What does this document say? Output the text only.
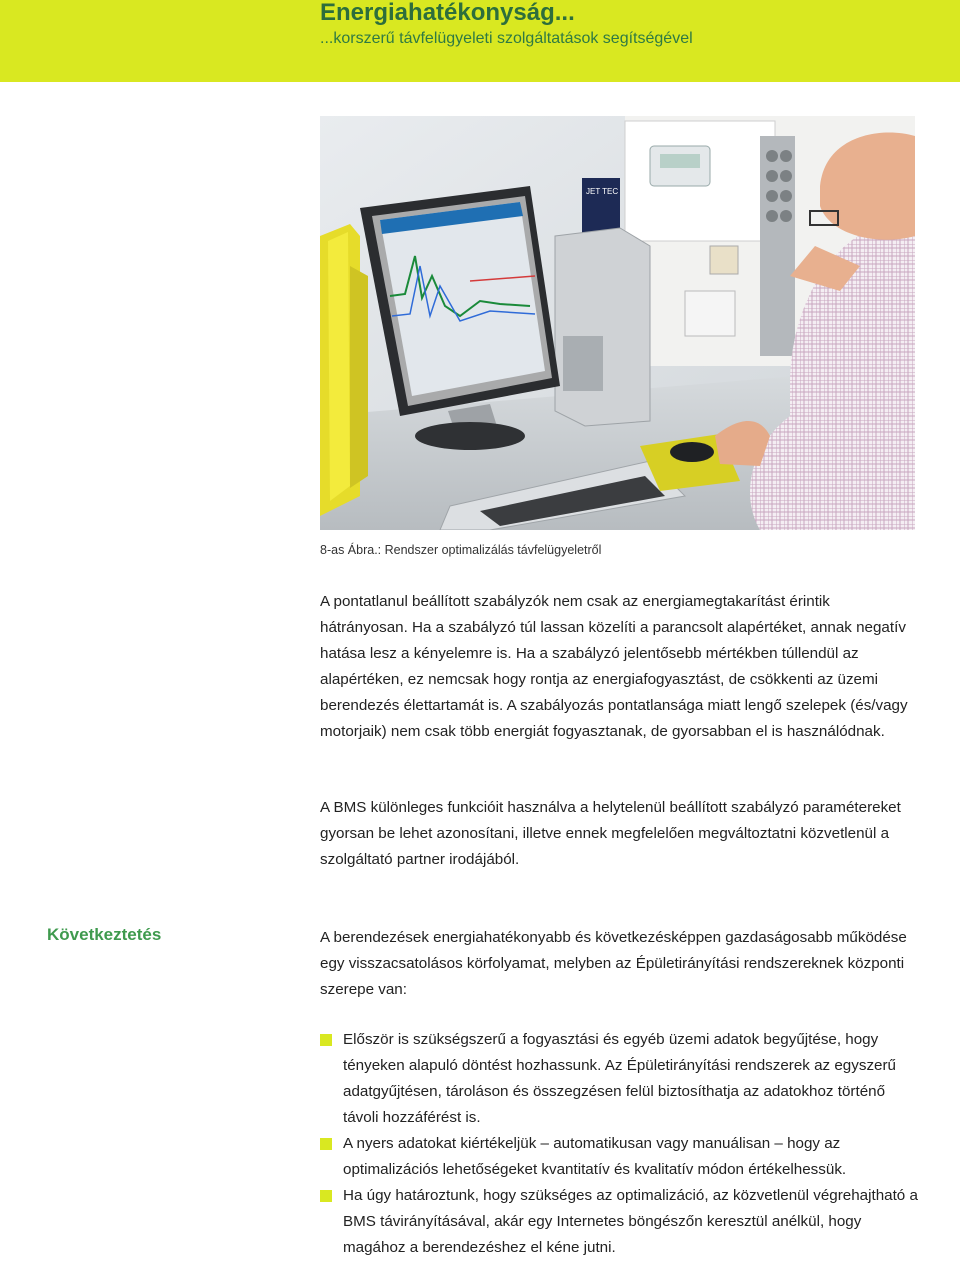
Energiahatékonyság...
...korszerű távfelügyeleti szolgáltatások segítségével
JET TEC
8-as Ábra.: Rendszer optimalizálás távfelügyeletről
A pontatlanul beállított szabályzók nem csak az energiamegtakarítást érintik hátrányosan. Ha a szabályzó túl lassan közelíti a parancsolt alapértéket, annak negatív hatása lesz a kényelemre is. Ha a szabályzó jelentősebb mértékben túllendül az alapértéken, ez nemcsak hogy rontja az energiafogyasztást, de csökkenti az üzemi berendezés élettartamát is. A szabályozás pontatlansága miatt lengő szelepek (és/vagy motorjaik) nem csak több energiát fogyasztanak, de gyorsabban el is használódnak.
A BMS különleges funkcióit használva a helytelenül beállított szabályzó paramétereket gyorsan be lehet azonosítani, illetve ennek megfelelően megváltoztatni közvetlenül a szolgáltató partner irodájából.
Következtetés	A berendezések energiahatékonyabb és következésképpen gazdaságosabb működése egy visszacsatolásos körfolyamat, melyben az Épületirányítási rendszereknek központi szerepe van:
Először is szükségszerű a fogyasztási és egyéb üzemi adatok begyűjtése, hogy tényeken alapuló döntést hozhassunk. Az Épületirányítási rendszerek az egyszerű adatgyűjtésen, tároláson és összegzésen felül biztosíthatja az adatokhoz történő távoli hozzáférést is.
A nyers adatokat kiértékeljük – automatikusan vagy manuálisan – hogy az optimalizációs lehetőségeket kvantitatív és kvalitatív módon értékelhessük.
Ha úgy határoztunk, hogy szükséges az optimalizáció, az közvetlenül végrehajtható a BMS távirányításával, akár egy Internetes böngészőn keresztül anélkül, hogy magához a berendezéshez el kéne jutni.
